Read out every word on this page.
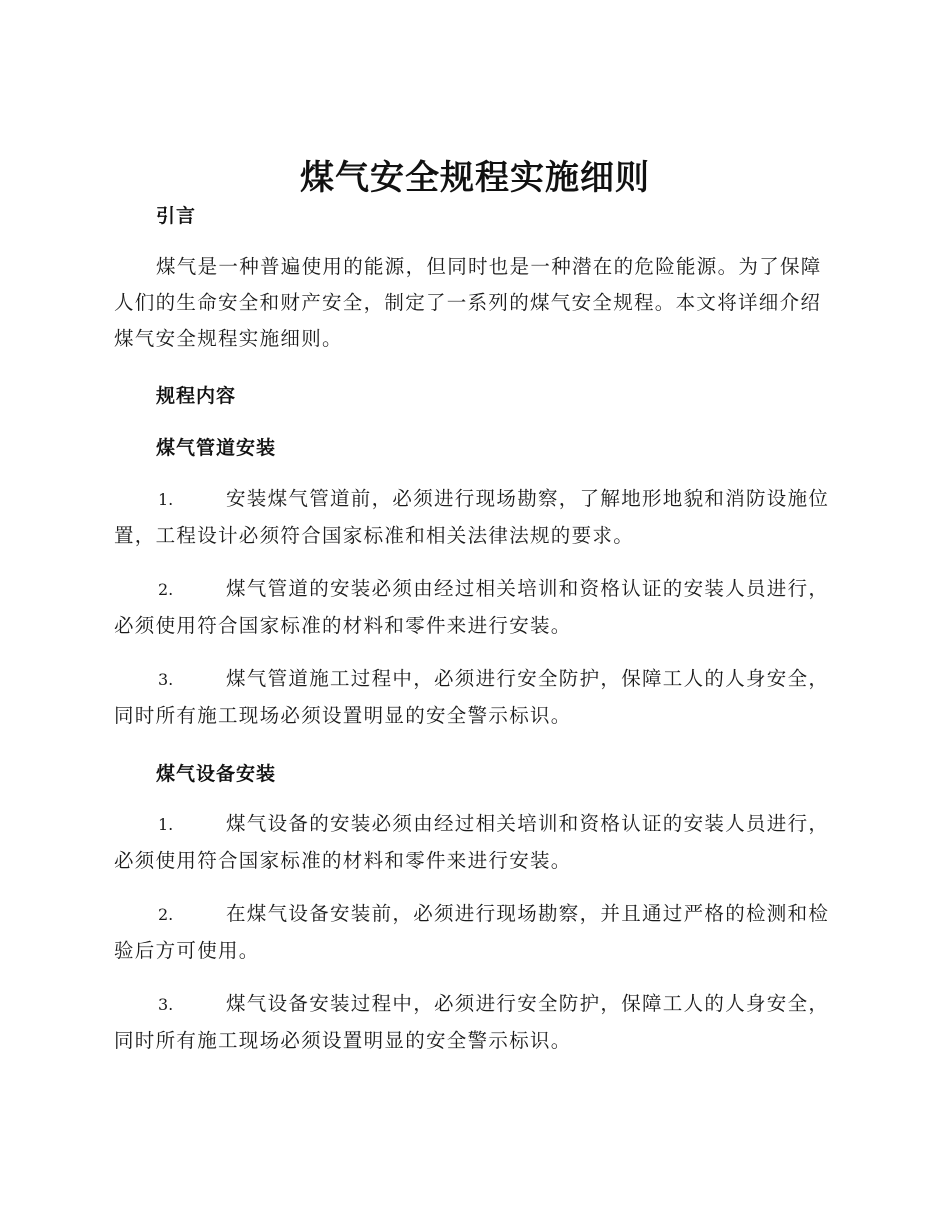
煤气安全规程实施细则
引言

煤气是一种普遍使用的能源，但同时也是一种潜在的危险能源。为了保障人们的生命安全和财产安全，制定了一系列的煤气安全规程。本文将详细介绍煤气安全规程实施细则。

规程内容
煤气管道安装

1.	安装煤气管道前，必须进行现场勘察，了解地形地貌和消防设施位置，工程设计必须符合国家标准和相关法律法规的要求。

2.	煤气管道的安装必须由经过相关培训和资格认证的安装人员进行，必须使用符合国家标准的材料和零件来进行安装。

3.	煤气管道施工过程中，必须进行安全防护，保障工人的人身安全，同时所有施工现场必须设置明显的安全警示标识。

煤气设备安装

1.	煤气设备的安装必须由经过相关培训和资格认证的安装人员进行，必须使用符合国家标准的材料和零件来进行安装。

2.	在煤气设备安装前，必须进行现场勘察，并且通过严格的检测和检验后方可使用。

3.	煤气设备安装过程中，必须进行安全防护，保障工人的人身安全，同时所有施工现场必须设置明显的安全警示标识。
